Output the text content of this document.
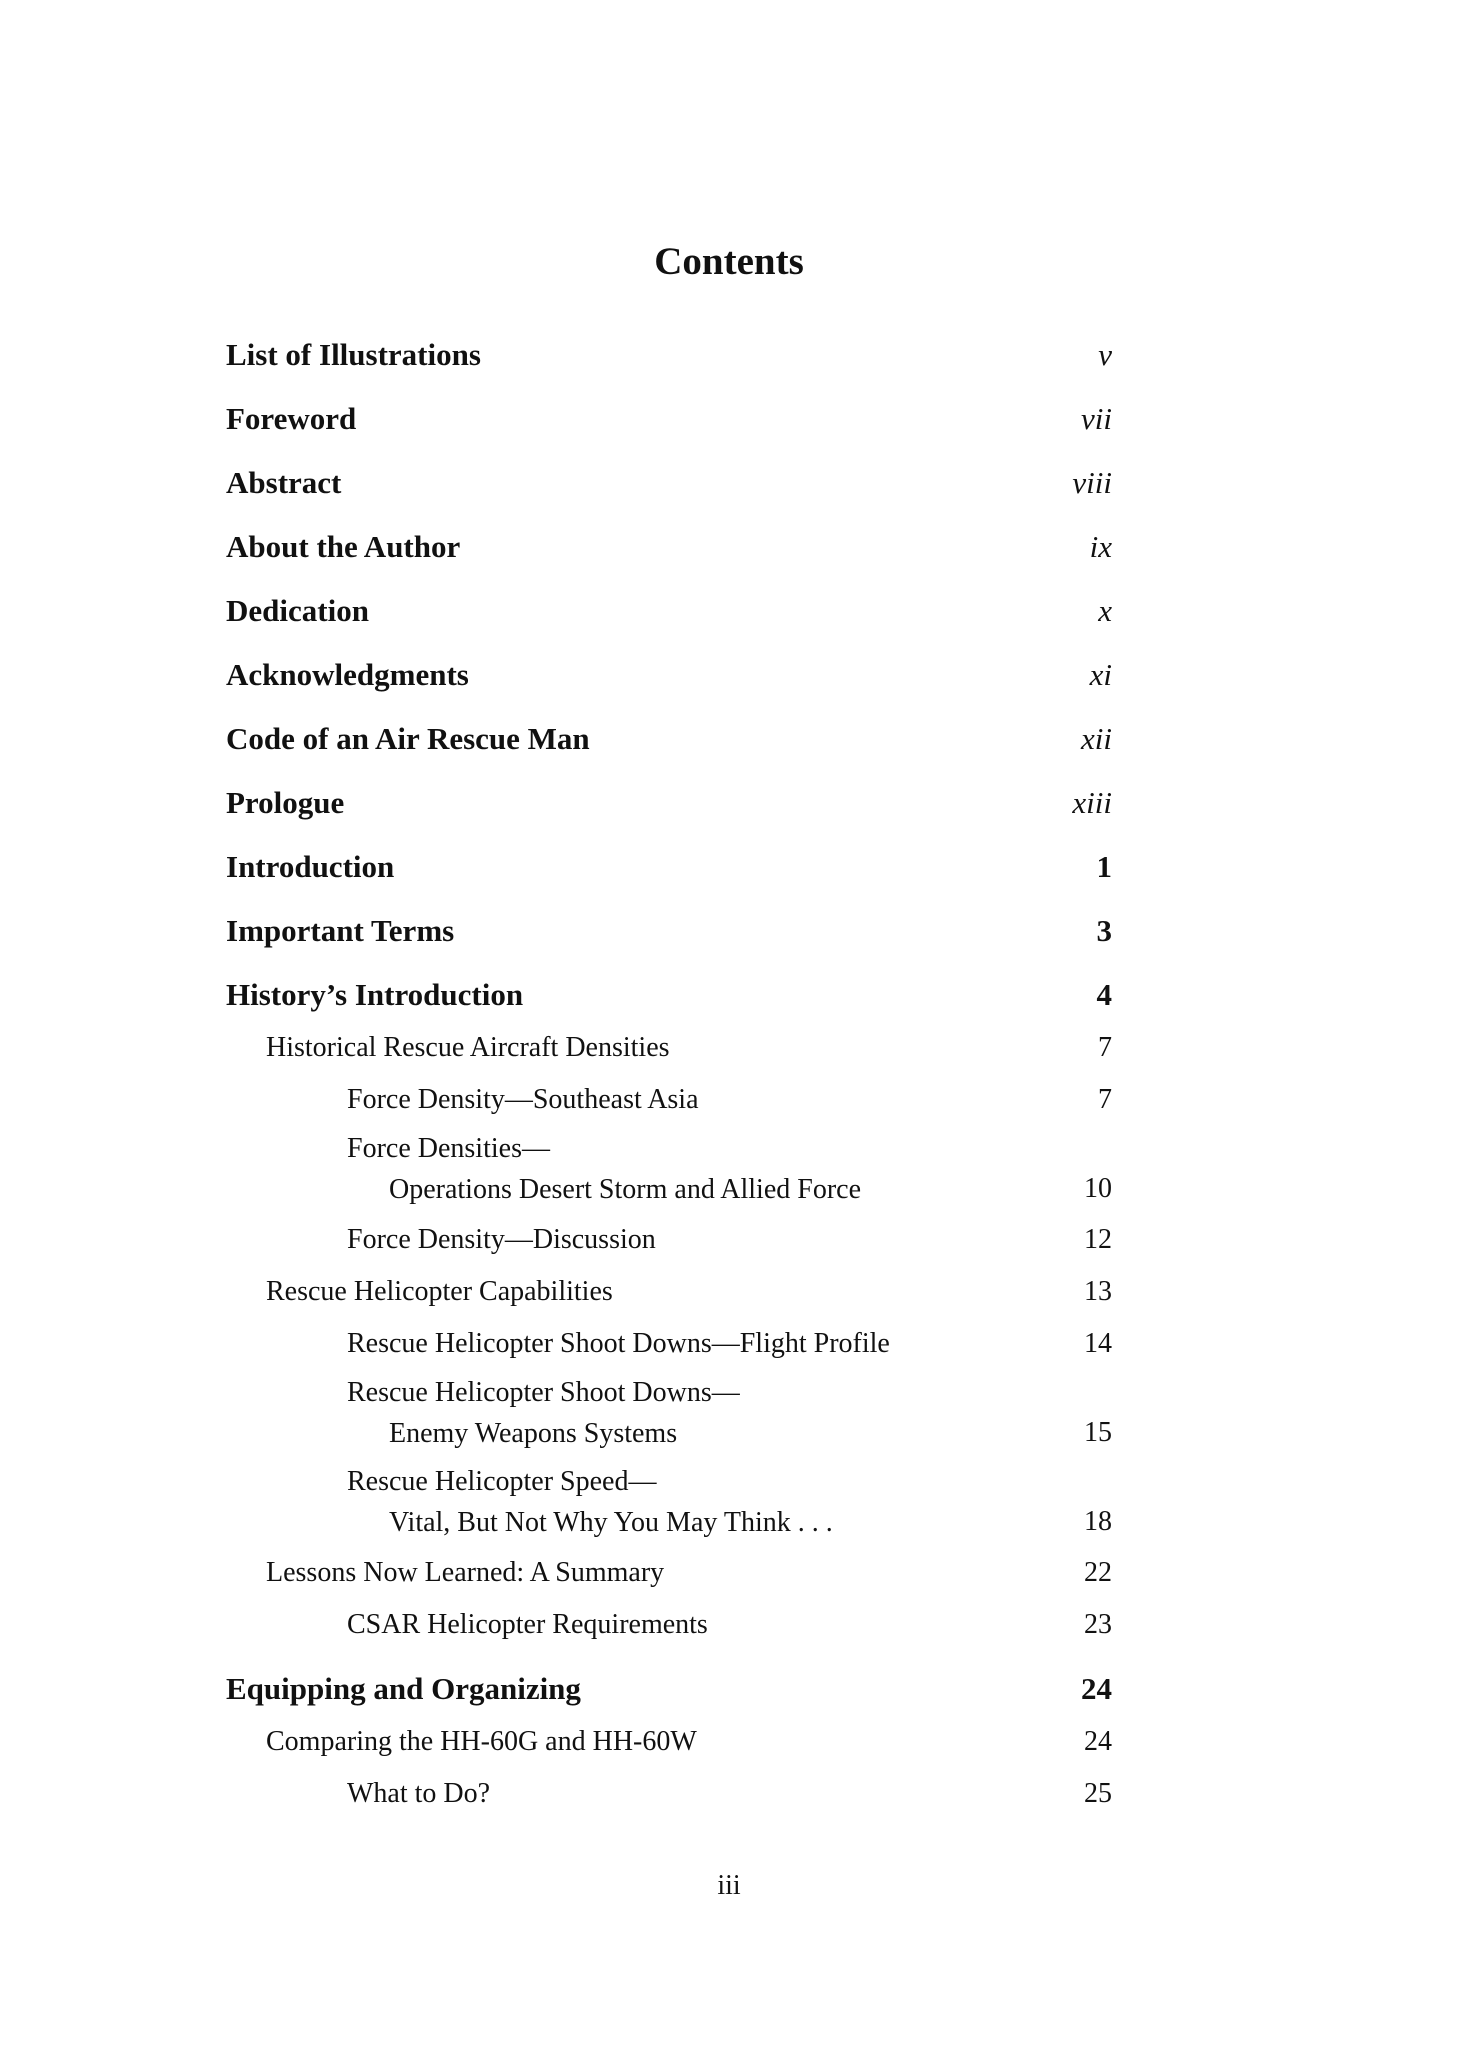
Contents
List of Illustrations	v
Foreword	vii
Abstract	viii
About the Author	ix
Dedication	x
Acknowledgments	xi
Code of an Air Rescue Man	xii
Prologue	xiii
Introduction	1
Important Terms	3
History’s Introduction	4
Historical Rescue Aircraft Densities	7
Force Density—Southeast Asia	7
Force Densities—
Operations Desert Storm and Allied Force	10
Force Density—Discussion	12
Rescue Helicopter Capabilities	13
Rescue Helicopter Shoot Downs—Flight Profile	14
Rescue Helicopter Shoot Downs—
Enemy Weapons Systems	15
Rescue Helicopter Speed—
Vital, But Not Why You May Think . . .	18
Lessons Now Learned: A Summary	22
CSAR Helicopter Requirements	23
Equipping and Organizing	24
Comparing the HH-60G and HH-60W	24
What to Do?	25
iii
